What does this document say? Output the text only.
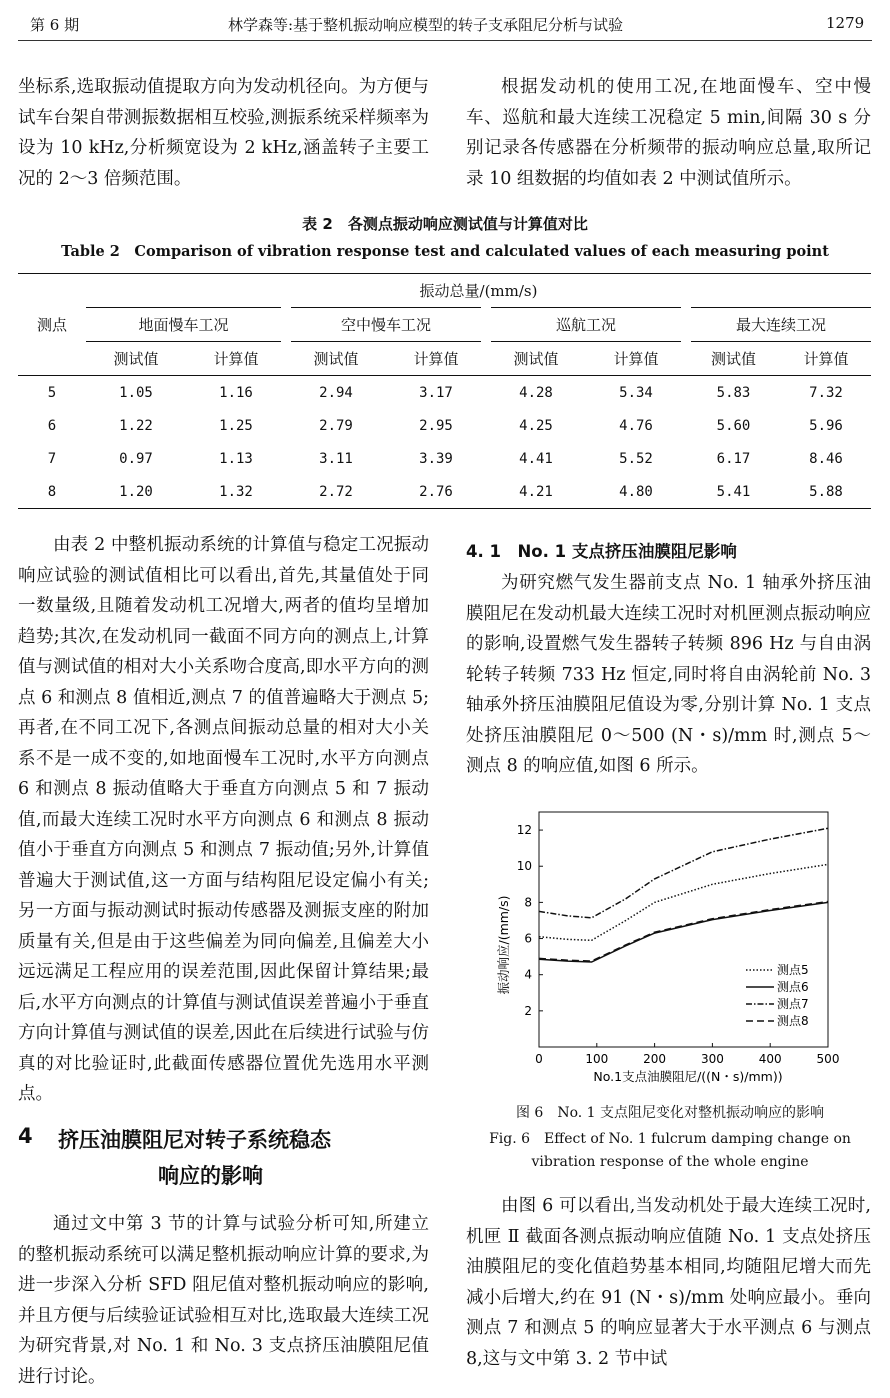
第 6 期	林学森等:基于整机振动响应模型的转子支承阻尼分析与试验	1279

坐标系,选取振动值提取方向为发动机径向。为方便与试车台架自带测振数据相互校验,测振系统采样频率为设为 10 kHz,分析频宽设为 2 kHz,涵盖转子主要工况的 2～3 倍频范围。

根据发动机的使用工况,在地面慢车、空中慢车、巡航和最大连续工况稳定 5 min,间隔 30 s 分别记录各传感器在分析频带的振动响应总量,取所记录 10 组数据的均值如表 2 中测试值所示。

表 2　各测点振动响应测试值与计算值对比
Table 2　Comparison of vibration response test and calculated values of each measuring point
测点	振动总量/(mm/s)							
	地面慢车工况		空中慢车工况		巡航工况		最大连续工况	
	测试值	计算值	测试值	计算值	测试值	计算值	测试值	计算值
5	1.05	1.16	2.94	3.17	4.28	5.34	5.83	7.32
6	1.22	1.25	2.79	2.95	4.25	4.76	5.60	5.96
7	0.97	1.13	3.11	3.39	4.41	5.52	6.17	8.46
8	1.20	1.32	2.72	2.76	4.21	4.80	5.41	5.88

由表 2 中整机振动系统的计算值与稳定工况振动响应试验的测试值相比可以看出,首先,其量值处于同一数量级,且随着发动机工况增大,两者的值均呈增加趋势;其次,在发动机同一截面不同方向的测点上,计算值与测试值的相对大小关系吻合度高,即水平方向的测点 6 和测点 8 值相近,测点 7 的值普遍略大于测点 5;再者,在不同工况下,各测点间振动总量的相对大小关系不是一成不变的,如地面慢车工况时,水平方向测点 6 和测点 8 振动值略大于垂直方向测点 5 和 7 振动值,而最大连续工况时水平方向测点 6 和测点 8 振动值小于垂直方向测点 5 和测点 7 振动值;另外,计算值普遍大于测试值,这一方面与结构阻尼设定偏小有关;另一方面与振动测试时振动传感器及测振支座的附加质量有关,但是由于这些偏差为同向偏差,且偏差大小远远满足工程应用的误差范围,因此保留计算结果;最后,水平方向测点的计算值与测试值误差普遍小于垂直方向计算值与测试值的误差,因此在后续进行试验与仿真的对比验证时,此截面传感器位置优先选用水平测点。

4 挤压油膜阻尼对转子系统稳态
响应的影响

通过文中第 3 节的计算与试验分析可知,所建立的整机振动系统可以满足整机振动响应计算的要求,为进一步深入分析 SFD 阻尼值对整机振动响应的影响,并且方便与后续验证试验相互对比,选取最大连续工况为研究背景,对 No. 1 和 No. 3 支点挤压油膜阻尼值进行讨论。

4. 1　No. 1 支点挤压油膜阻尼影响

为研究燃气发生器前支点 No. 1 轴承外挤压油膜阻尼在发动机最大连续工况时对机匣测点振动响应的影响,设置燃气发生器转子转频 896 Hz 与自由涡轮转子转频 733 Hz 恒定,同时将自由涡轮前 No. 3 轴承外挤压油膜阻尼值设为零,分别计算 No. 1 支点处挤压油膜阻尼 0～500 (N・s)/mm 时,测点 5～测点 8 的响应值,如图 6 所示。

0	100	200	300	400	500
2
4
6
8
10
12
测点5
测点6
测点7
测点8
No.1支点油膜阻尼/((N・s)/mm))
振动响应/(mm/s)
图 6　No. 1 支点阻尼变化对整机振动响应的影响
Fig. 6　Effect of No. 1 fulcrum damping change on
vibration response of the whole engine

由图 6 可以看出,当发动机处于最大连续工况时,机匣 Ⅱ 截面各测点振动响应值随 No. 1 支点处挤压油膜阻尼的变化值趋势基本相同,均随阻尼增大而先减小后增大,约在 91 (N・s)/mm 处响应最小。垂向测点 7 和测点 5 的响应显著大于水平测点 6 与测点 8,这与文中第 3. 2 节中试
